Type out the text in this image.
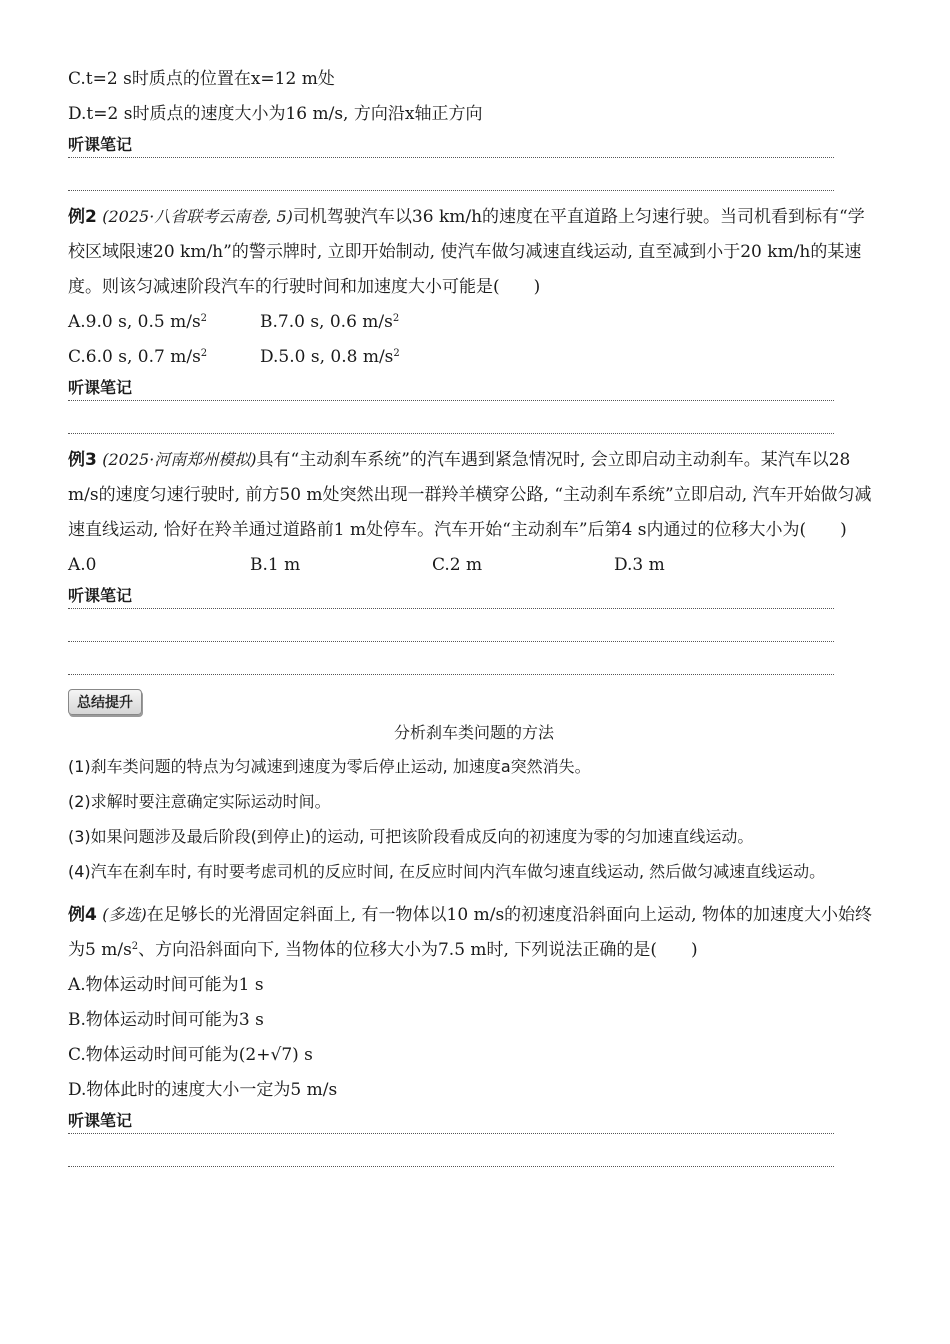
C.t=2 s时质点的位置在x=12 m处
D.t=2 s时质点的速度大小为16 m/s, 方向沿x轴正方向
听课笔记
例2 (2025·八省联考云南卷, 5)司机驾驶汽车以36 km/h的速度在平直道路上匀速行驶。当司机看到标有“学校区域限速20 km/h”的警示牌时, 立即开始制动, 使汽车做匀减速直线运动, 直至减到小于20 km/h的某速度。则该匀减速阶段汽车的行驶时间和加速度大小可能是(　　)
A.9.0 s, 0.5 $m/s^2$	B.7.0 s, 0.6 $m/s^2$
C.6.0 s, 0.7 $m/s^2$	D.5.0 s, 0.8 $m/s^2$
听课笔记
例3 (2025·河南郑州模拟)具有“主动刹车系统”的汽车遇到紧急情况时, 会立即启动主动刹车。某汽车以28 m/s的速度匀速行驶时, 前方50 m处突然出现一群羚羊横穿公路, “主动刹车系统”立即启动, 汽车开始做匀减速直线运动, 恰好在羚羊通过道路前1 m处停车。汽车开始“主动刹车”后第4 s内通过的位移大小为(　　)
A.0	B.1 m	C.2 m	D.3 m
听课笔记
总结提升
分析刹车类问题的方法
(1)刹车类问题的特点为匀减速到速度为零后停止运动, 加速度a突然消失。
(2)求解时要注意确定实际运动时间。
(3)如果问题涉及最后阶段(到停止)的运动, 可把该阶段看成反向的初速度为零的匀加速直线运动。
(4)汽车在刹车时, 有时要考虑司机的反应时间, 在反应时间内汽车做匀速直线运动, 然后做匀减速直线运动。
例4 (多选)在足够长的光滑固定斜面上, 有一物体以10 m/s的初速度沿斜面向上运动, 物体的加速度大小始终为5 $m/s^2$、方向沿斜面向下, 当物体的位移大小为7.5 m时, 下列说法正确的是(　　)
A.物体运动时间可能为1 s
B.物体运动时间可能为3 s
C.物体运动时间可能为(2+√7) s
D.物体此时的速度大小一定为5 m/s
听课笔记
